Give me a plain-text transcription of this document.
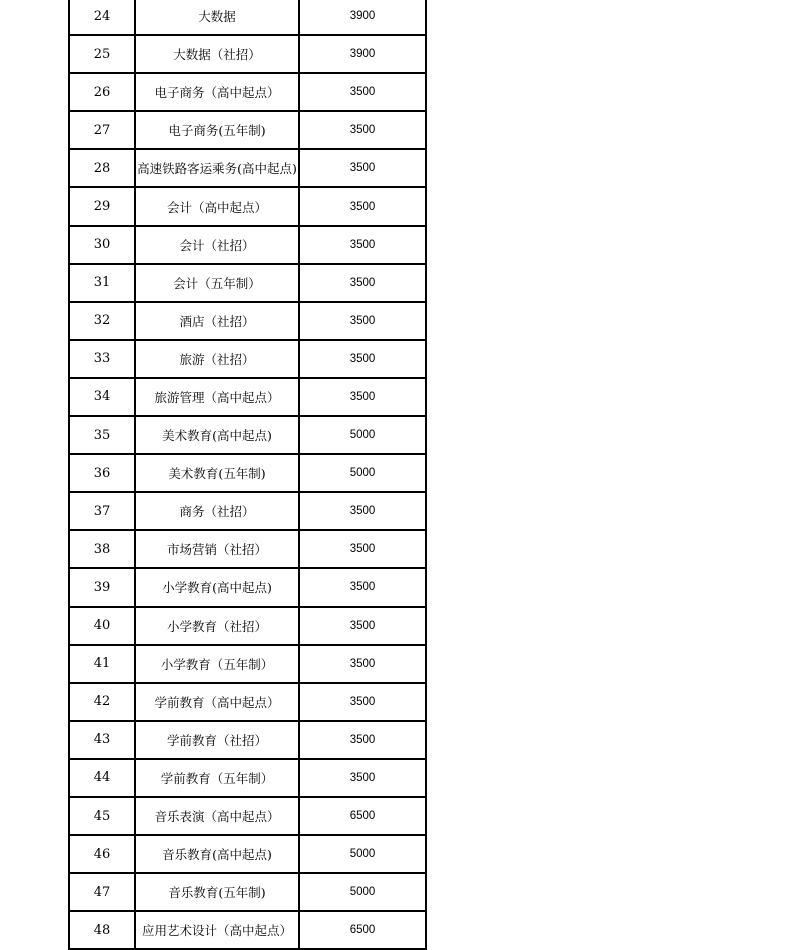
24	大数据	3900
25	大数据（社招）	3900
26	电子商务（高中起点）	3500
27	电子商务(五年制)	3500
28	高速铁路客运乘务(高中起点)	3500
29	会计（高中起点）	3500
30	会计（社招）	3500
31	会计（五年制）	3500
32	酒店（社招）	3500
33	旅游（社招）	3500
34	旅游管理（高中起点）	3500
35	美术教育(高中起点)	5000
36	美术教育(五年制)	5000
37	商务（社招）	3500
38	市场营销（社招）	3500
39	小学教育(高中起点)	3500
40	小学教育（社招）	3500
41	小学教育（五年制）	3500
42	学前教育（高中起点）	3500
43	学前教育（社招）	3500
44	学前教育（五年制）	3500
45	音乐表演（高中起点）	6500
46	音乐教育(高中起点)	5000
47	音乐教育(五年制)	5000
48	应用艺术设计（高中起点）	6500
